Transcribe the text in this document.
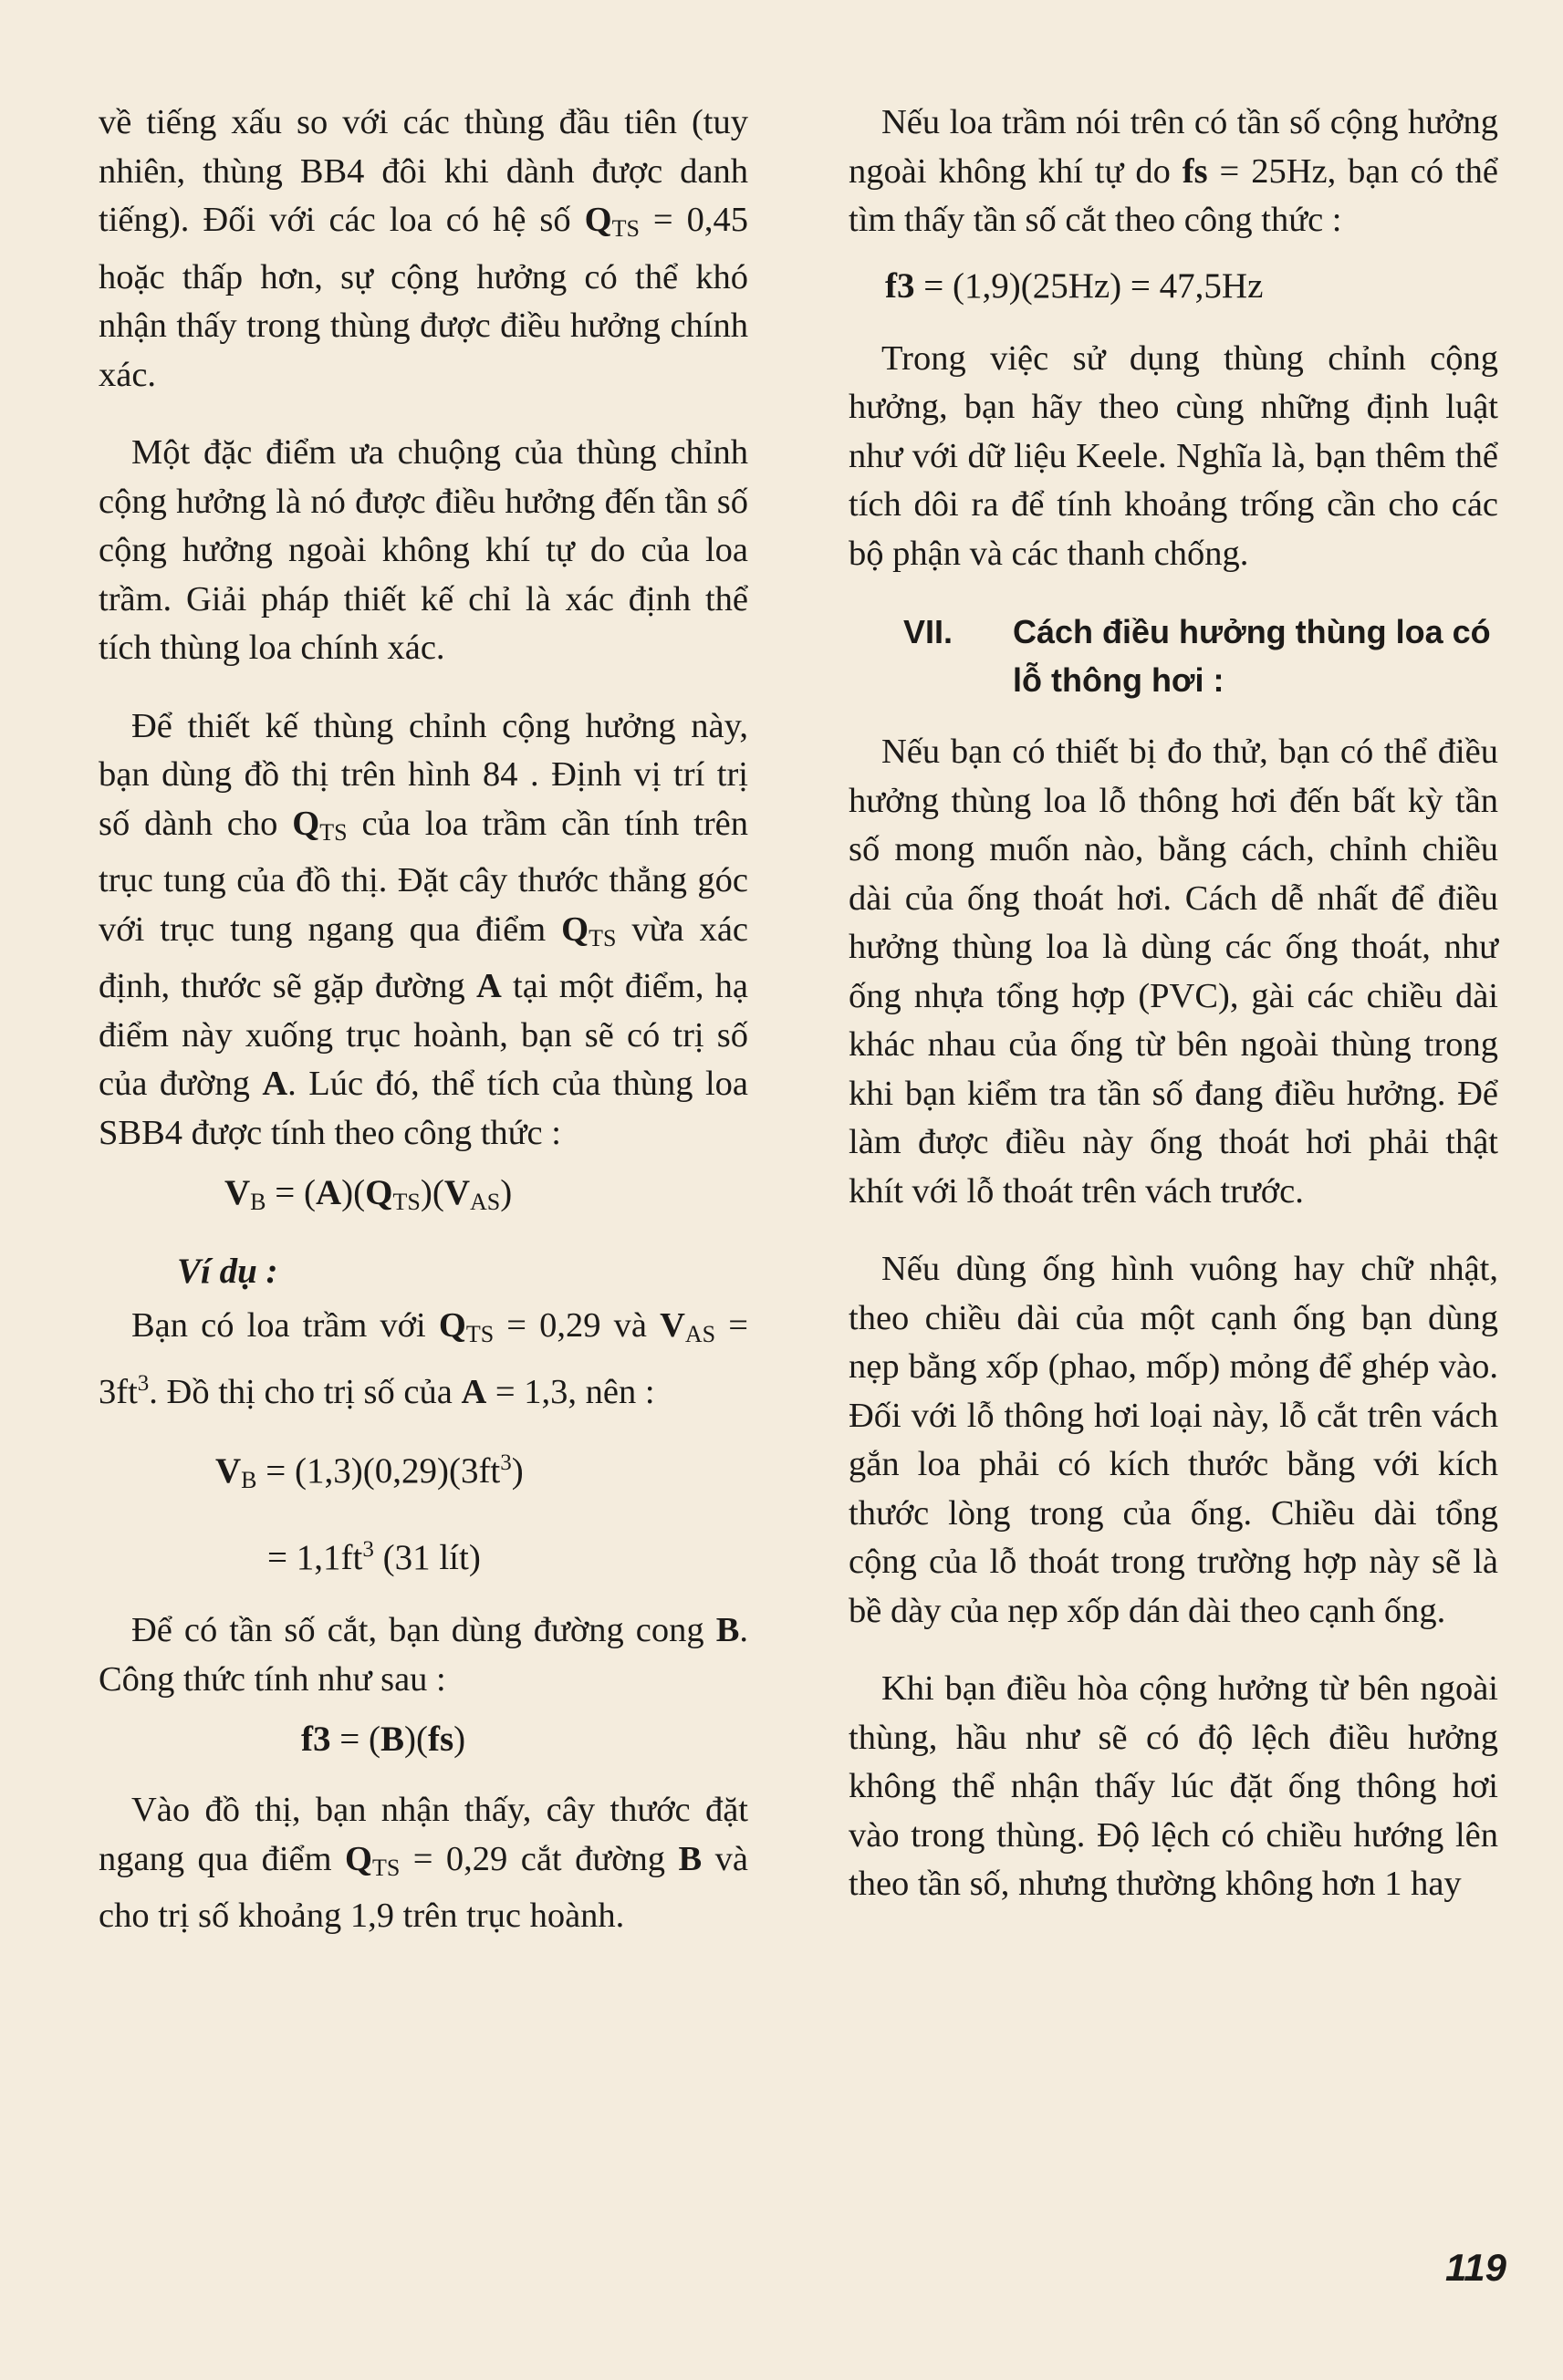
về tiếng xấu so với các thùng đầu tiên (tuy nhiên, thùng BB4 đôi khi dành được danh tiếng). Đối với các loa có hệ số $Q_{TS} = 0,45$ hoặc thấp hơn, sự cộng hưởng có thể khó nhận thấy trong thùng được điều hưởng chính xác.

Một đặc điểm ưa chuộng của thùng chỉnh cộng hưởng là nó được điều hưởng đến tần số cộng hưởng ngoài không khí tự do của loa trầm. Giải pháp thiết kế chỉ là xác định thể tích thùng loa chính xác.

Để thiết kế thùng chỉnh cộng hưởng này, bạn dùng đồ thị trên hình 84 . Định vị trí trị số dành cho $Q_{TS}$ của loa trầm cần tính trên trục tung của đồ thị. Đặt cây thước thẳng góc với trục tung ngang qua điểm $Q_{TS}$ vừa xác định, thước sẽ gặp đường A tại một điểm, hạ điểm này xuống trục hoành, bạn sẽ có trị số của đường A. Lúc đó, thể tích của thùng loa SBB4 được tính theo công thức :

$V_B = (A)(Q_{TS})(V_{AS})$
Ví dụ :

Bạn có loa trầm với $Q_{TS} = 0,29$ và $V_{AS} = 3ft^3$. Đồ thị cho trị số của A = 1,3, nên :

$V_B = (1,3)(0,29)(3ft^3)$
= $1,1ft^3$ (31 lít)

Để có tần số cắt, bạn dùng đường cong B. Công thức tính như sau :

f3 = (B)(fs)

Vào đồ thị, bạn nhận thấy, cây thước đặt ngang qua điểm $Q_{TS} = 0,29$ cắt đường B và cho trị số khoảng 1,9 trên trục hoành.

Nếu loa trầm nói trên có tần số cộng hưởng ngoài không khí tự do fs = 25Hz, bạn có thể tìm thấy tần số cắt theo công thức :

f3 = (1,9)(25Hz) = 47,5Hz

Trong việc sử dụng thùng chỉnh cộng hưởng, bạn hãy theo cùng những định luật như với dữ liệu Keele. Nghĩa là, bạn thêm thể tích dôi ra để tính khoảng trống cần cho các bộ phận và các thanh chống.

VII.	Cách điều hưởng thùng loa có lỗ thông hơi :

Nếu bạn có thiết bị đo thử, bạn có thể điều hưởng thùng loa lỗ thông hơi đến bất kỳ tần số mong muốn nào, bằng cách, chỉnh chiều dài của ống thoát hơi. Cách dễ nhất để điều hưởng thùng loa là dùng các ống thoát, như ống nhựa tổng hợp (PVC), gài các chiều dài khác nhau của ống từ bên ngoài thùng trong khi bạn kiểm tra tần số đang điều hưởng. Để làm được điều này ống thoát hơi phải thật khít với lỗ thoát trên vách trước.

Nếu dùng ống hình vuông hay chữ nhật, theo chiều dài của một cạnh ống bạn dùng nẹp bằng xốp (phao, mốp) mỏng để ghép vào. Đối với lỗ thông hơi loại này, lỗ cắt trên vách gắn loa phải có kích thước bằng với kích thước lòng trong của ống. Chiều dài tổng cộng của lỗ thoát trong trường hợp này sẽ là bề dày của nẹp xốp dán dài theo cạnh ống.

Khi bạn điều hòa cộng hưởng từ bên ngoài thùng, hầu như sẽ có độ lệch điều hưởng không thể nhận thấy lúc đặt ống thông hơi vào trong thùng. Độ lệch có chiều hướng lên theo tần số, nhưng thường không hơn 1 hay

119
